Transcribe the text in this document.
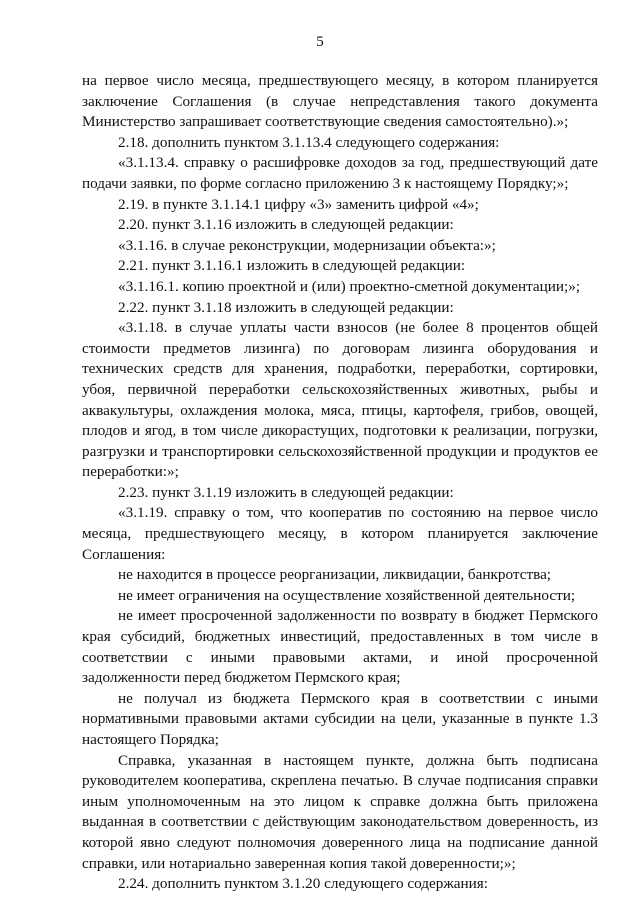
5

на первое число месяца, предшествующего месяцу, в котором планируется заключение Соглашения (в случае непредставления такого документа Министерство запрашивает соответствующие сведения самостоятельно).»;

2.18. дополнить пунктом 3.1.13.4 следующего содержания:

«3.1.13.4. справку о расшифровке доходов за год, предшествующий дате подачи заявки, по форме согласно приложению 3 к настоящему Порядку;»;

2.19. в пункте 3.1.14.1 цифру «3» заменить цифрой «4»;

2.20. пункт 3.1.16 изложить в следующей редакции:

«3.1.16. в случае реконструкции, модернизации объекта:»;

2.21. пункт 3.1.16.1 изложить в следующей редакции:

«3.1.16.1. копию проектной и (или) проектно-сметной документации;»;

2.22. пункт 3.1.18 изложить в следующей редакции:

«3.1.18. в случае уплаты части взносов (не более 8 процентов общей стоимости предметов лизинга) по договорам лизинга оборудования и технических средств для хранения, подработки, переработки, сортировки, убоя, первичной переработки сельскохозяйственных животных, рыбы и аквакультуры, охлаждения молока, мяса, птицы, картофеля, грибов, овощей, плодов и ягод, в том числе дикорастущих, подготовки к реализации, погрузки, разгрузки и транспортировки сельскохозяйственной продукции и продуктов ее переработки:»;

2.23. пункт 3.1.19 изложить в следующей редакции:

«3.1.19. справку о том, что кооператив по состоянию на первое число месяца, предшествующего месяцу, в котором планируется заключение Соглашения:

не находится в процессе реорганизации, ликвидации, банкротства;

не имеет ограничения на осуществление хозяйственной деятельности;

не имеет просроченной задолженности по возврату в бюджет Пермского края субсидий, бюджетных инвестиций, предоставленных в том числе в соответствии с иными правовыми актами, и иной просроченной задолженности перед бюджетом Пермского края;

не получал из бюджета Пермского края в соответствии с иными нормативными правовыми актами субсидии на цели, указанные в пункте 1.3 настоящего Порядка;

Справка, указанная в настоящем пункте, должна быть подписана руководителем кооператива, скреплена печатью. В случае подписания справки иным уполномоченным на это лицом к справке должна быть приложена выданная в соответствии с действующим законодательством доверенность, из которой явно следуют полномочия доверенного лица на подписание данной справки, или нотариально заверенная копия такой доверенности;»;

2.24. дополнить пунктом 3.1.20 следующего содержания:
